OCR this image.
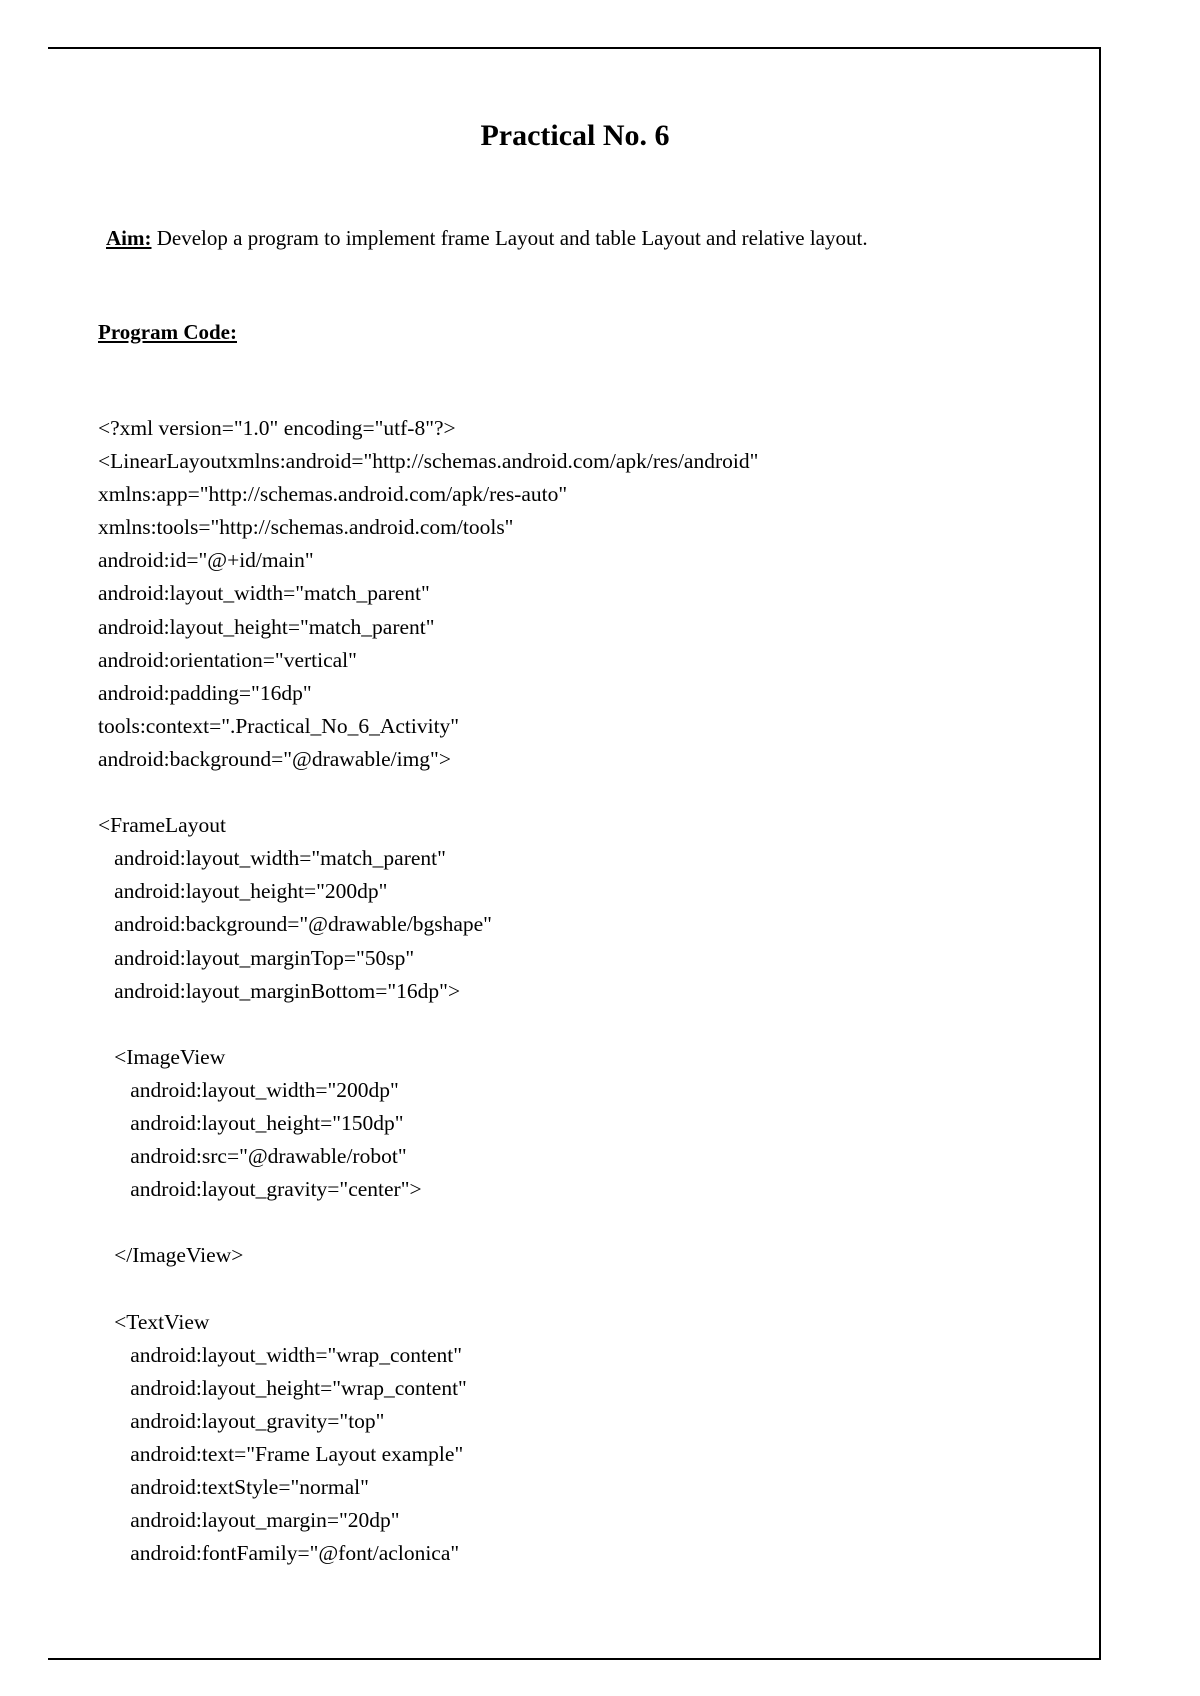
Practical No. 6
Aim: Develop a program to implement frame Layout and table Layout and relative layout.
Program Code:
<?xml version="1.0" encoding="utf-8"?>
<LinearLayoutxmlns:android="http://schemas.android.com/apk/res/android"
xmlns:app="http://schemas.android.com/apk/res-auto"
xmlns:tools="http://schemas.android.com/tools"
android:id="@+id/main"
android:layout_width="match_parent"
android:layout_height="match_parent"
android:orientation="vertical"
android:padding="16dp"
tools:context=".Practical_No_6_Activity"
android:background="@drawable/img">
<FrameLayout
android:layout_width="match_parent"
android:layout_height="200dp"
android:background="@drawable/bgshape"
android:layout_marginTop="50sp"
android:layout_marginBottom="16dp">
<ImageView
android:layout_width="200dp"
android:layout_height="150dp"
android:src="@drawable/robot"
android:layout_gravity="center">
</ImageView>
<TextView
android:layout_width="wrap_content"
android:layout_height="wrap_content"
android:layout_gravity="top"
android:text="Frame Layout example"
android:textStyle="normal"
android:layout_margin="20dp"
android:fontFamily="@font/aclonica"
